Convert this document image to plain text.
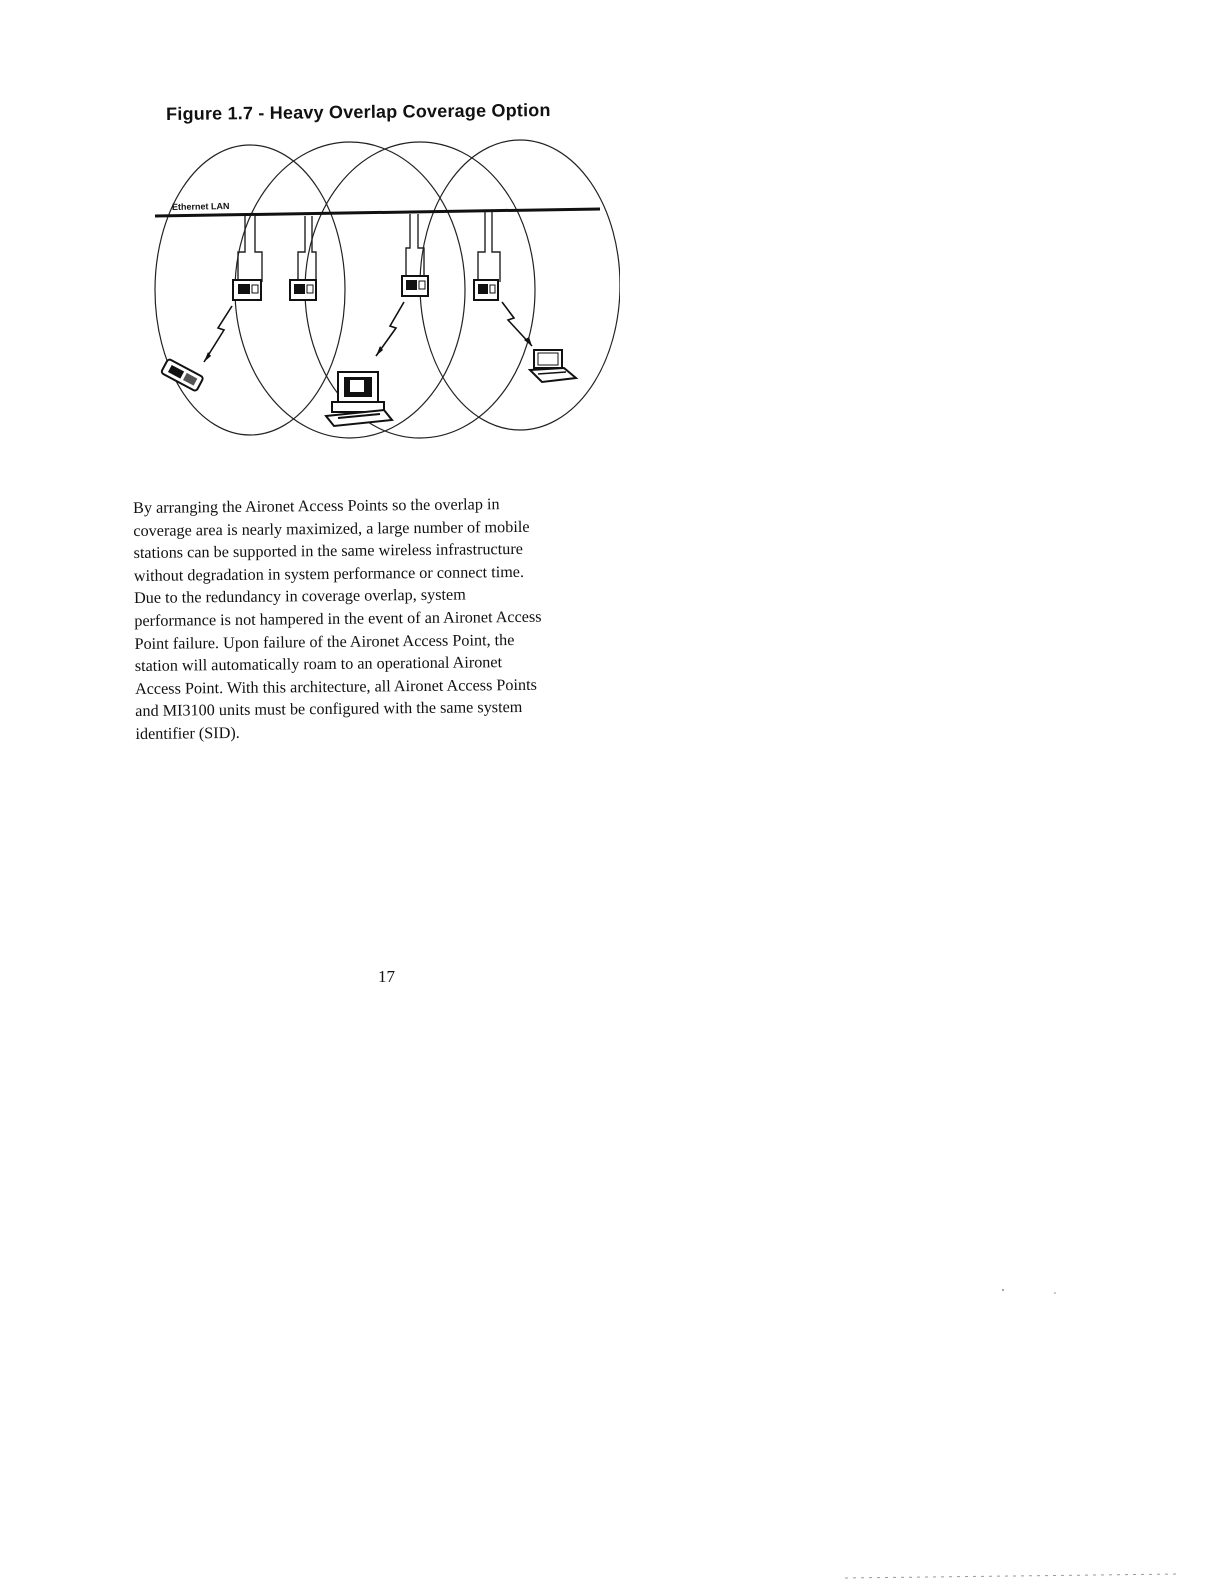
Figure 1.7 - Heavy Overlap Coverage Option
Ethernet LAN
By arranging the Aironet Access Points so the overlap in
coverage area is nearly maximized, a large number of mobile
stations can be supported in the same wireless infrastructure
without degradation in system performance or connect time.
Due to the redundancy in coverage overlap, system
performance is not hampered in the event of an Aironet Access
Point failure. Upon failure of the Aironet Access Point, the
station will automatically roam to an operational Aironet
Access Point. With this architecture, all Aironet Access Points
and MI3100 units must be configured with the same system
identifier (SID).
17
